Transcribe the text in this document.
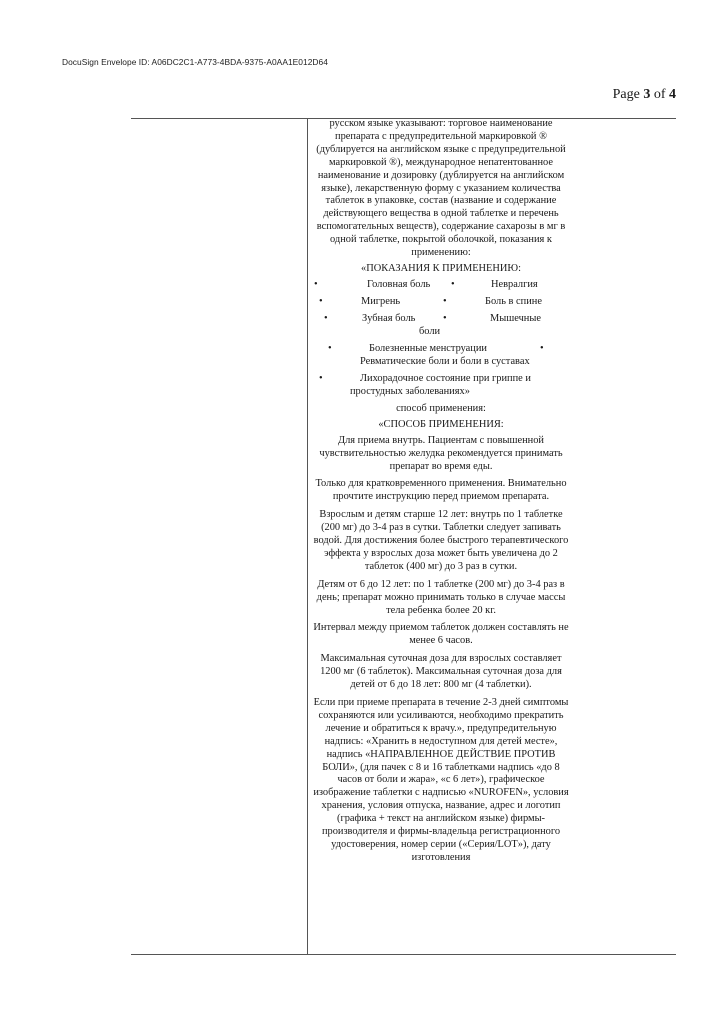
DocuSign Envelope ID: A06DC2C1-A773-4BDA-9375-A0AA1E012D64
Page 3 of 4

русском языке указывают: торговое наименование препарата с предупредительной маркировкой ® (дублируется на английском языке с предупредительной маркировкой ®), международное непатентованное наименование и дозировку (дублируется на английском языке), лекарственную форму с указанием количества таблеток в упаковке, состав (название и содержание действующего вещества в одной таблетке и перечень вспомогательных веществ), содержание сахарозы в мг в одной таблетке, покрытой оболочкой, показания к применению:

«ПОКАЗАНИЯ К ПРИМЕНЕНИЮ:

•	Головная боль •	Невралгия
•	Мигрень	•	Боль в спине
•	Зубная боль	•	Мышечные
боли
•	Болезненные менструации	•
Ревматические боли и боли в суставах
•	Лихорадочное состояние при гриппе и
простудных заболеваниях»

способ применения:

«СПОСОБ ПРИМЕНЕНИЯ:

Для приема внутрь. Пациентам с повышенной чувствительностью желудка рекомендуется принимать препарат во время еды.

Только для кратковременного применения. Внимательно прочтите инструкцию перед приемом препарата.

Взрослым и детям старше 12 лет: внутрь по 1 таблетке (200 мг) до 3-4 раз в сутки. Таблетки следует запивать водой. Для достижения более быстрого терапевтического эффекта у взрослых доза может быть увеличена до 2 таблеток (400 мг) до 3 раз в сутки.

Детям от 6 до 12 лет: по 1 таблетке (200 мг) до 3-4 раз в день; препарат можно принимать только в случае массы тела ребенка более 20 кг.

Интервал между приемом таблеток должен составлять не менее 6 часов.

Максимальная суточная доза для взрослых составляет 1200 мг (6 таблеток). Максимальная суточная доза для детей от 6 до 18 лет: 800 мг (4 таблетки).

Если при приеме препарата в течение 2-3 дней симптомы сохраняются или усиливаются, необходимо прекратить лечение и обратиться к врачу.», предупредительную надпись: «Хранить в недоступном для детей месте», надпись «НАПРАВЛЕННОЕ ДЕЙСТВИЕ ПРОТИВ БОЛИ», (для пачек с 8 и 16 таблетками надпись «до 8 часов от боли и жара», «с 6 лет»), графическое изображение таблетки с надписью «NUROFEN», условия хранения, условия отпуска, название, адрес и логотип (графика + текст на английском языке) фирмы-производителя и фирмы-владельца регистрационного удостоверения, номер серии («Серия/LOT»), дату изготовления
